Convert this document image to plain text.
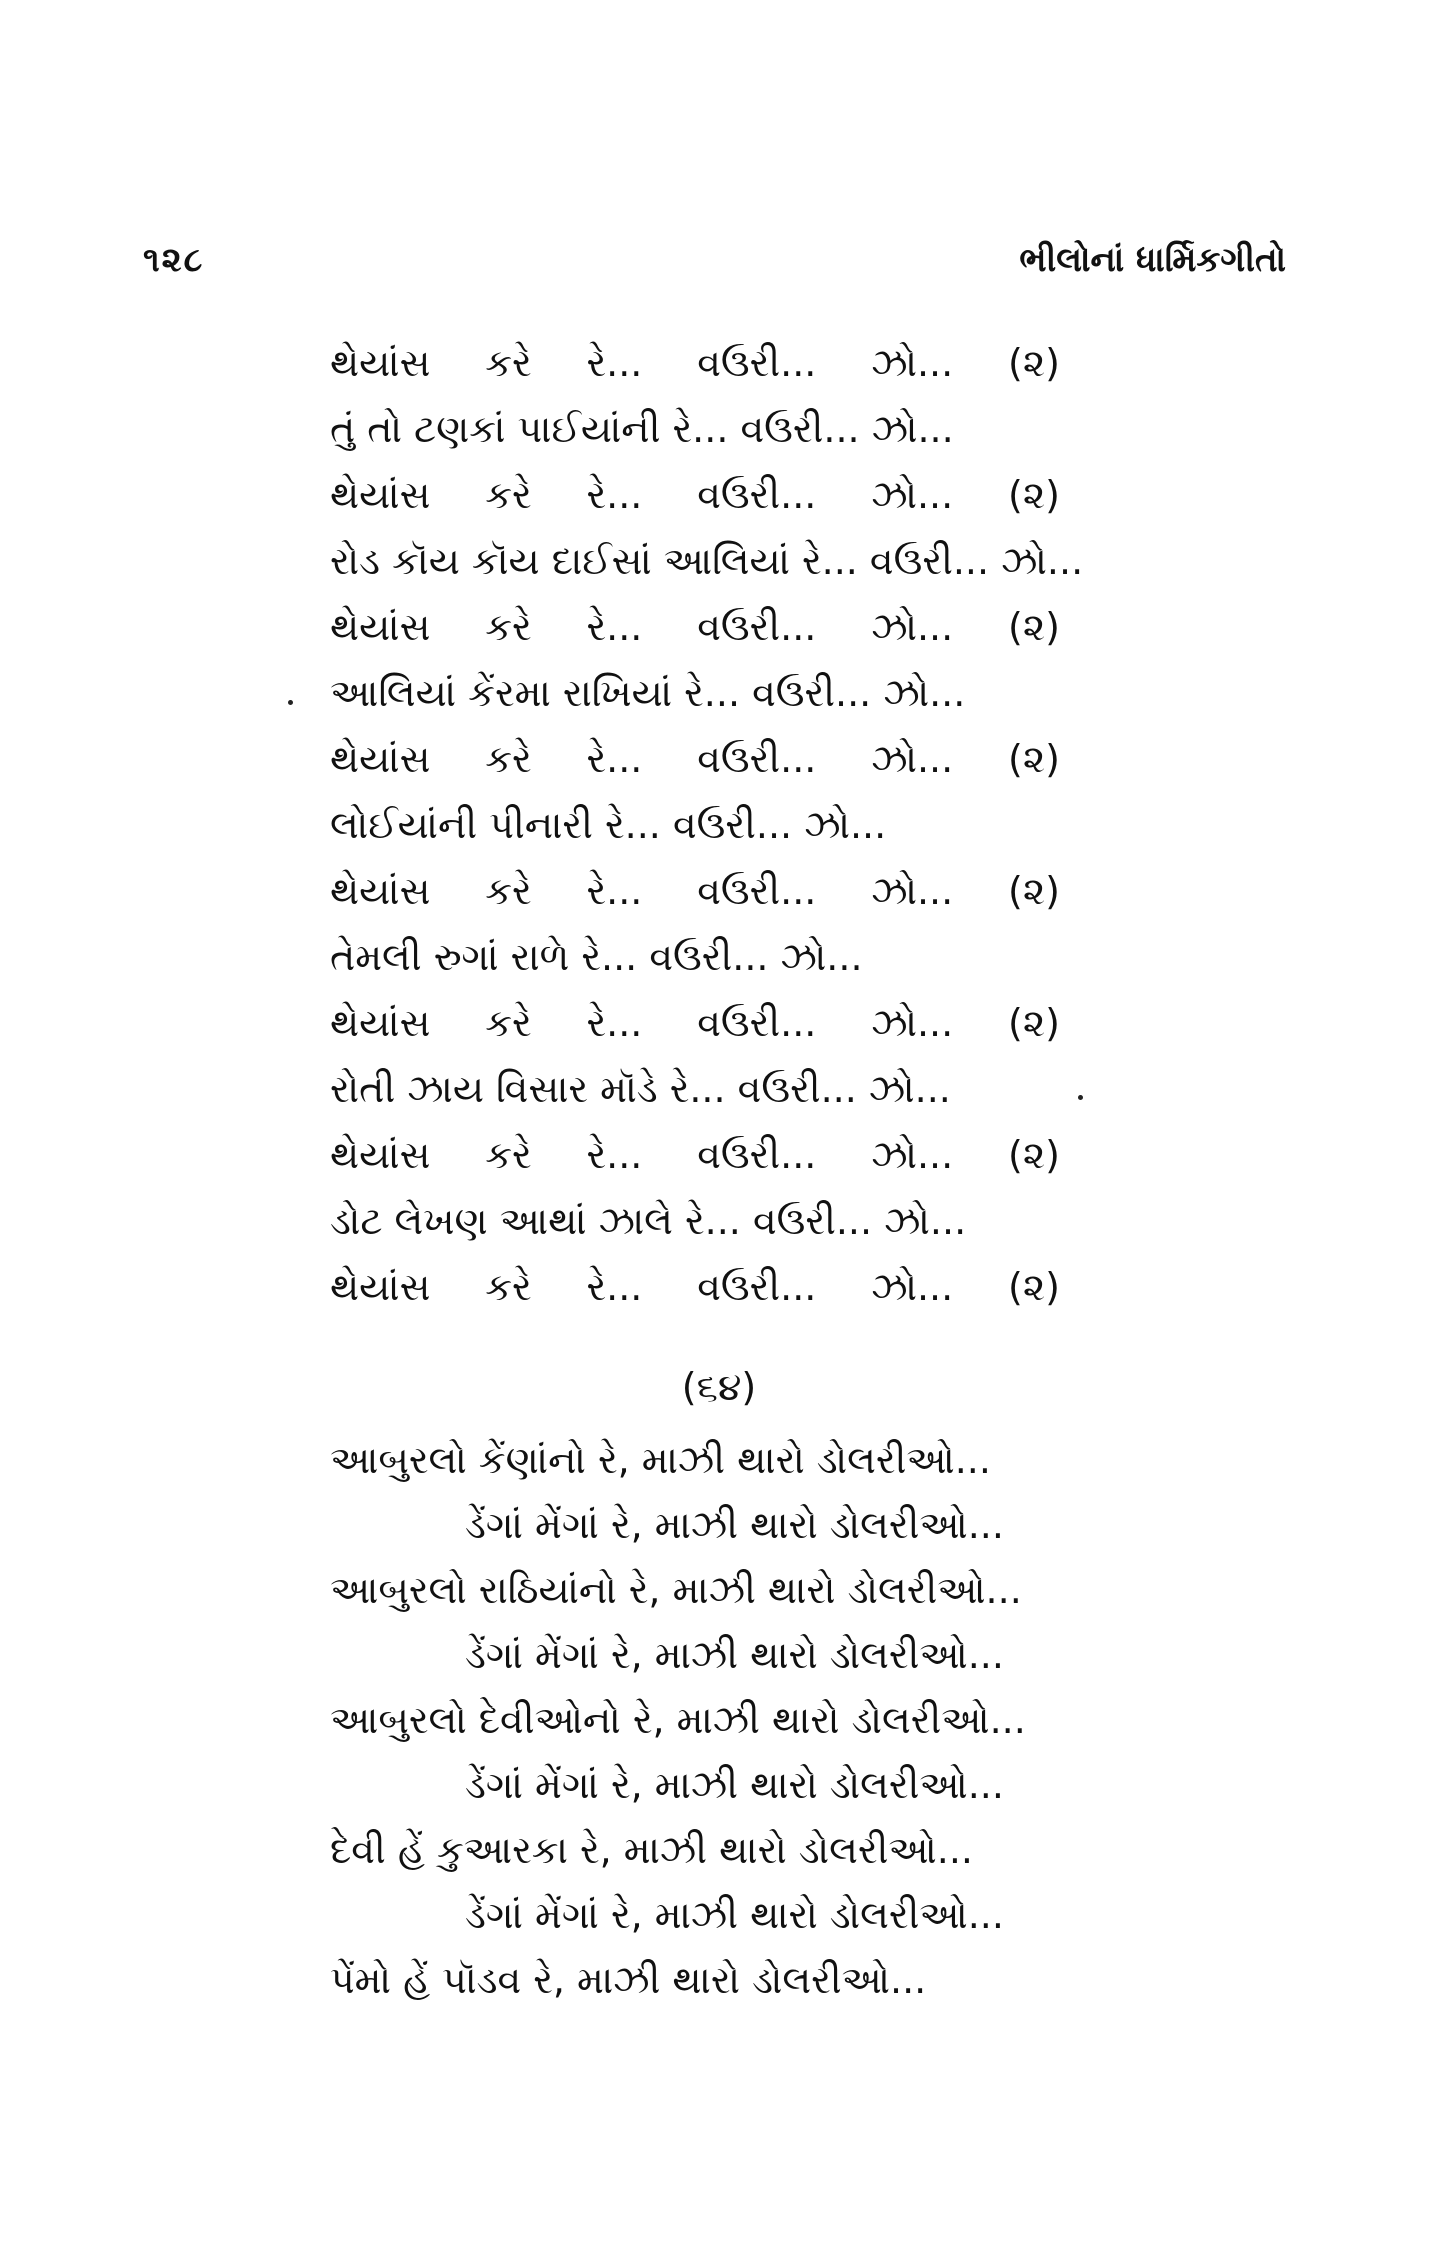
૧૨૮	ભીલોનાં ધાર્મિકગીતો
થેયાંસ કરે રે... વઉરી... ઝો... (૨)
તું તો ટણકાં પાઈયાંની રે... વઉરી... ઝો...
થેયાંસ કરે રે... વઉરી... ઝો... (૨)
રોડ કૉય કૉય દાઈસાં આલિયાં રે... વઉરી... ઝો...
થેયાંસ કરે રે... વઉરી... ઝો... (૨)
આલિયાં કેંરમા રાખિયાં રે... વઉરી... ઝો...
થેયાંસ કરે રે... વઉરી... ઝો... (૨)
લોઈયાંની પીનારી રે... વઉરી... ઝો...
થેયાંસ કરે રે... વઉરી... ઝો... (૨)
તેમલી રુગાં રાળે રે... વઉરી... ઝો...
થેયાંસ કરે રે... વઉરી... ઝો... (૨)
રોતી ઝાય વિસાર મૉડે રે... વઉરી... ઝો...
થેયાંસ કરે રે... વઉરી... ઝો... (૨)
ડોટ લેખણ આથાં ઝાલે રે... વઉરી... ઝો...
થેયાંસ કરે રે... વઉરી... ઝો... (૨)
(૬૪)
આબુરલો કેંણાંનો રે, માઝી થારો ડોલરીઓ...
ડેંગાં મેંગાં રે, માઝી થારો ડોલરીઓ...
આબુરલો રાઠિયાંનો રે, માઝી થારો ડોલરીઓ...
ડેંગાં મેંગાં રે, માઝી થારો ડોલરીઓ...
આબુરલો દેવીઓનો રે, માઝી થારો ડોલરીઓ...
ડેંગાં મેંગાં રે, માઝી થારો ડોલરીઓ...
દેવી હેં કુઆરકા રે, માઝી થારો ડોલરીઓ...
ડેંગાં મેંગાં રે, માઝી થારો ડોલરીઓ...
પેંમો હેં પૉડવ રે, માઝી થારો ડોલરીઓ...
